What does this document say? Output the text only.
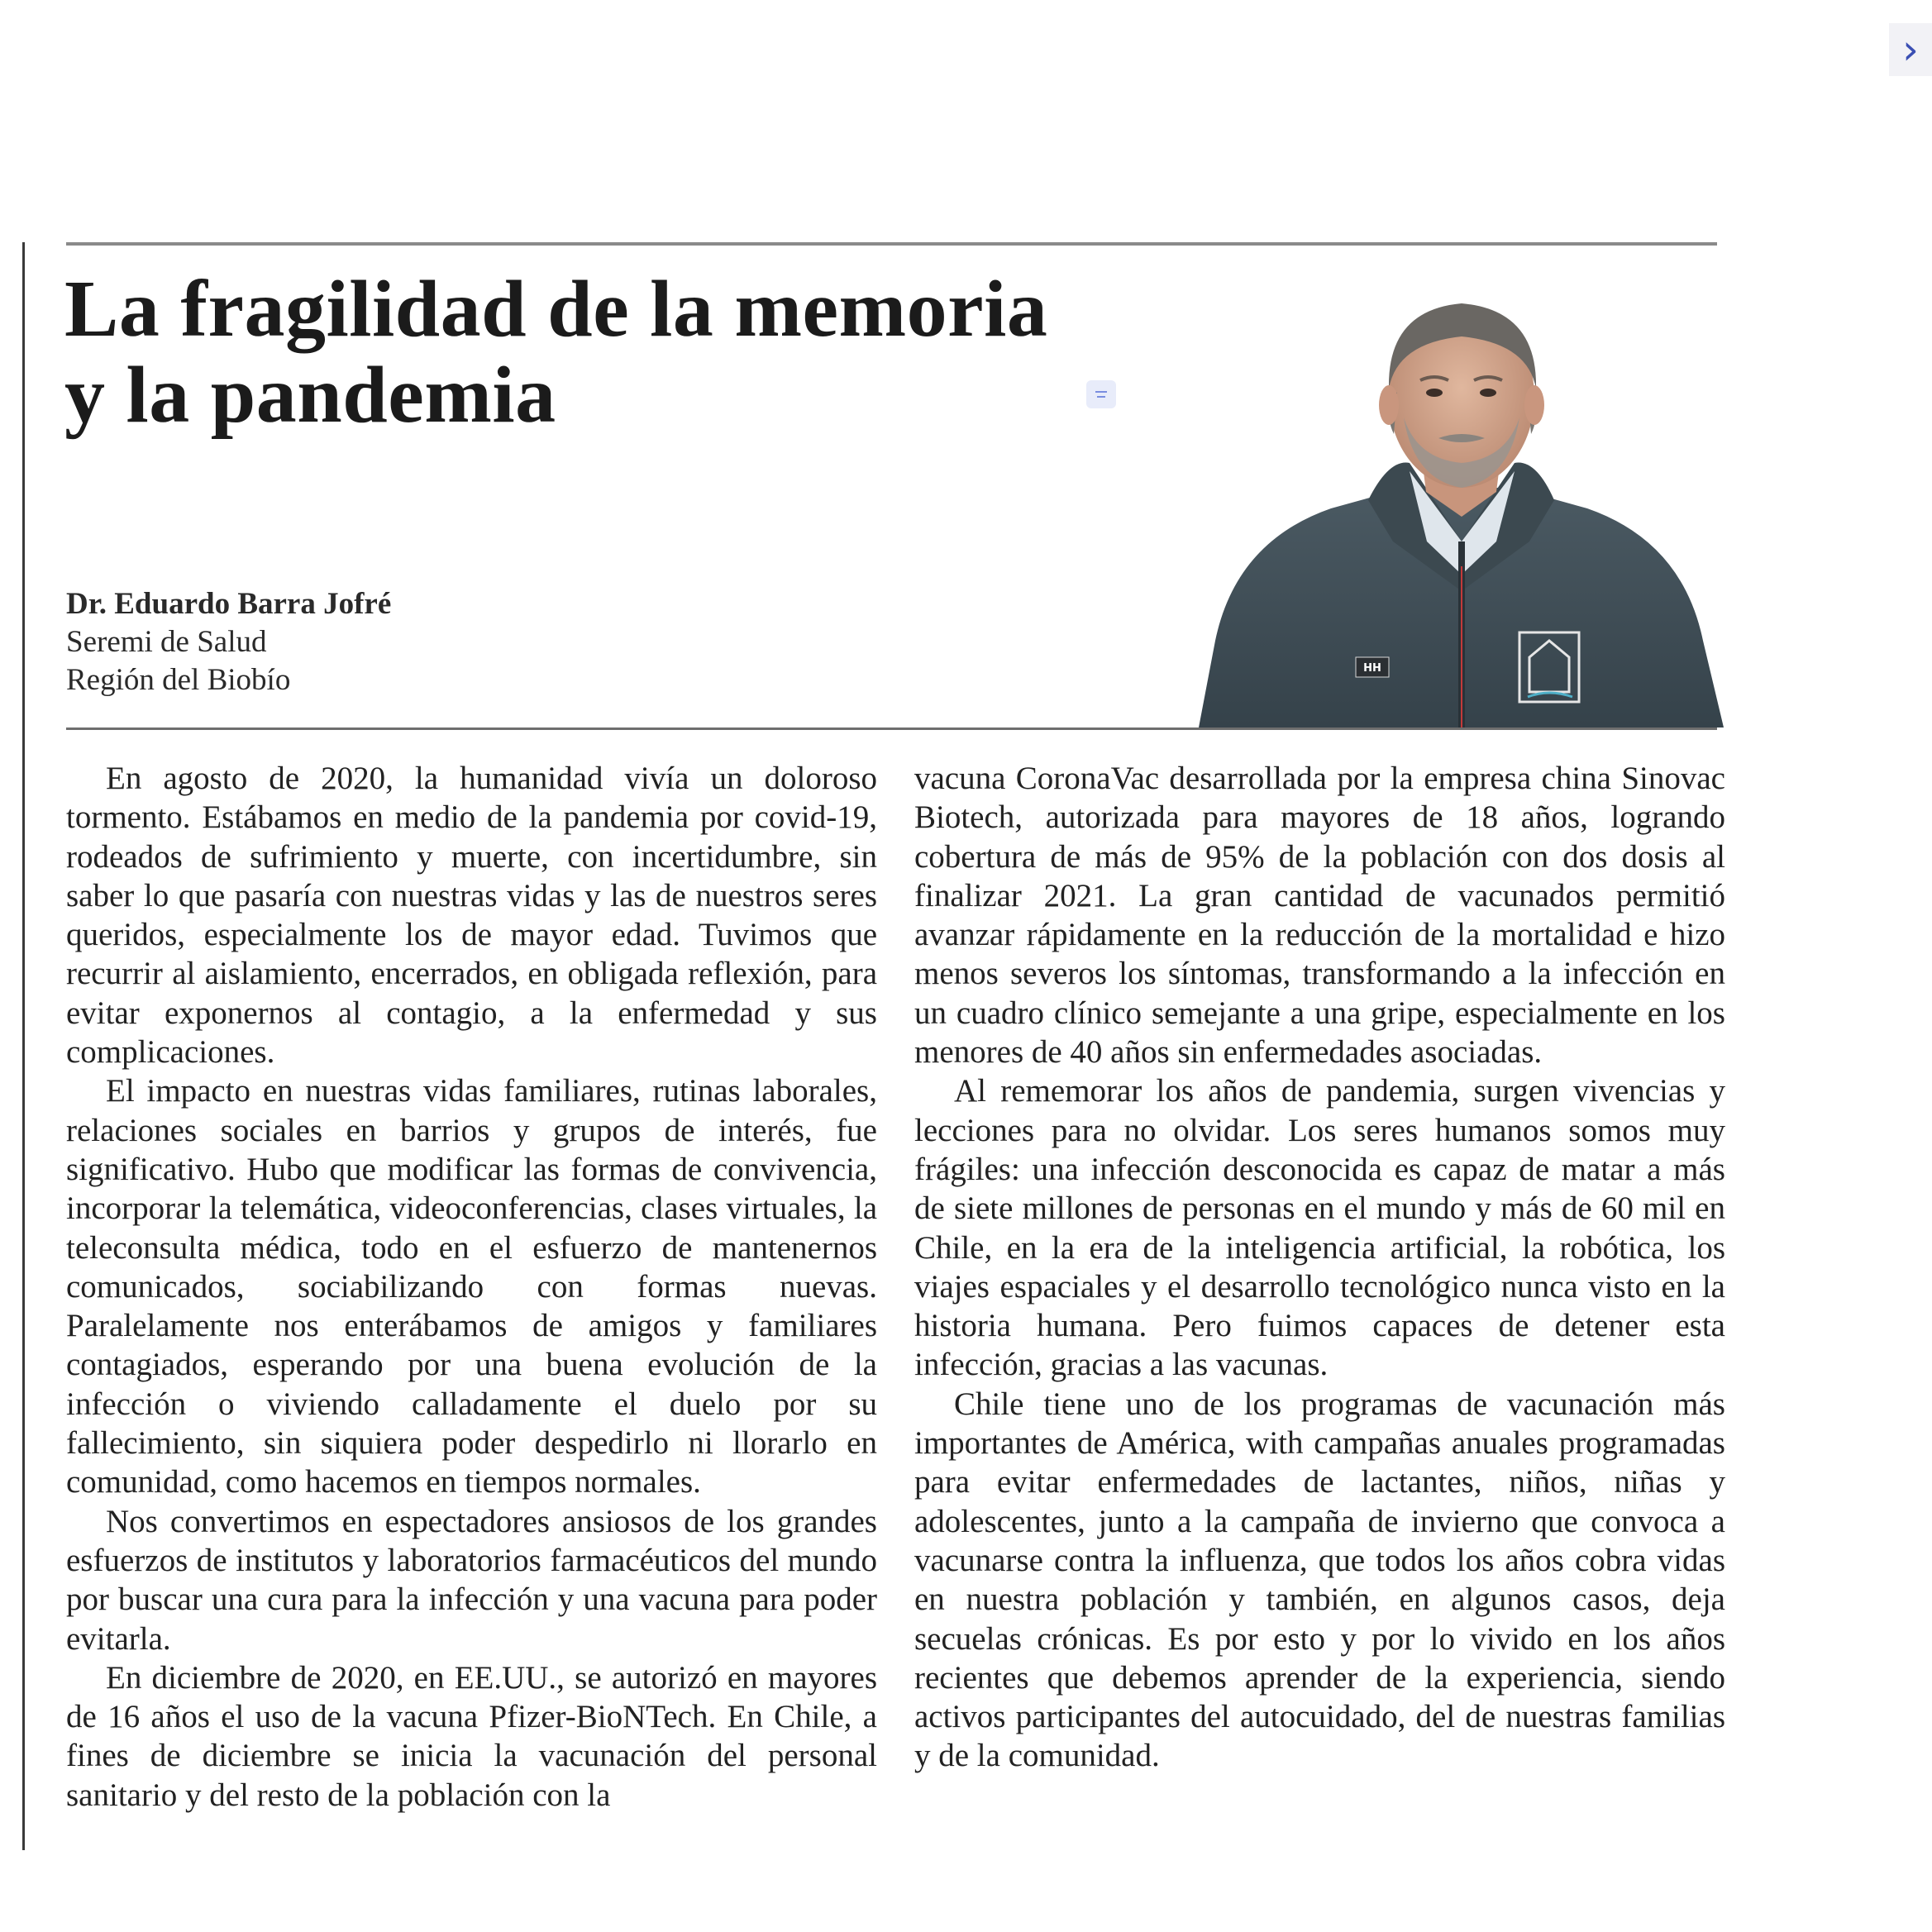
›
La fragilidad de la memoria
y la pandemia
Dr. Eduardo Barra Jofré
Seremi de Salud
Región del Biobío	HH

En agosto de 2020, la humanidad vivía un doloroso tormento. Estábamos en medio de la pandemia por covid-19, rodeados de sufrimiento y muerte, con incertidumbre, sin saber lo que pasaría con nuestras vidas y las de nuestros seres queridos, especialmente los de mayor edad. Tuvimos que recurrir al aislamiento, encerrados, en obligada reflexión, para evitar exponernos al contagio, a la enfermedad y sus complicaciones.

El impacto en nuestras vidas familiares, rutinas laborales, relaciones sociales en barrios y grupos de interés, fue significativo. Hubo que modificar las formas de convivencia, incorporar la telemática, videoconferencias, clases virtuales, la teleconsulta médica, todo en el esfuerzo de mantenernos comunicados, sociabilizando con formas nuevas. Paralelamente nos enterábamos de amigos y familiares contagiados, esperando por una buena evolución de la infección o viviendo calladamente el duelo por su fallecimiento, sin siquiera poder despedirlo ni llorarlo en comunidad, como hacemos en tiempos normales.

Nos convertimos en espectadores ansiosos de los grandes esfuerzos de institutos y laboratorios farmacéuticos del mundo por buscar una cura para la infección y una vacuna para poder evitarla.

En diciembre de 2020, en EE.UU., se autorizó en mayores de 16 años el uso de la vacuna Pfizer-BioNTech. En Chile, a fines de diciembre se inicia la vacunación del personal sanitario y del resto de la población con la

vacuna CoronaVac desarrollada por la empresa china Sinovac Biotech, autorizada para mayores de 18 años, logrando cobertura de más de 95% de la población con dos dosis al finalizar 2021. La gran cantidad de vacunados permitió avanzar rápidamente en la reducción de la mortalidad e hizo menos severos los síntomas, transformando a la infección en un cuadro clínico semejante a una gripe, especialmente en los menores de 40 años sin enfermedades asociadas.

Al rememorar los años de pandemia, surgen vivencias y lecciones para no olvidar. Los seres humanos somos muy frágiles: una infección desconocida es capaz de matar a más de siete millones de personas en el mundo y más de 60 mil en Chile, en la era de la inteligencia artificial, la robótica, los viajes espaciales y el desarrollo tecnológico nunca visto en la historia humana. Pero fuimos capaces de detener esta infección, gracias a las vacunas.

Chile tiene uno de los programas de vacunación más importantes de América, with campañas anuales programadas para evitar enfermedades de lactantes, niños, niñas y adolescentes, junto a la campaña de invierno que convoca a vacunarse contra la influenza, que todos los años cobra vidas en nuestra población y también, en algunos casos, deja secuelas crónicas. Es por esto y por lo vivido en los años recientes que debemos aprender de la experiencia, siendo activos participantes del autocuidado, del de nuestras familias y de la comunidad.
